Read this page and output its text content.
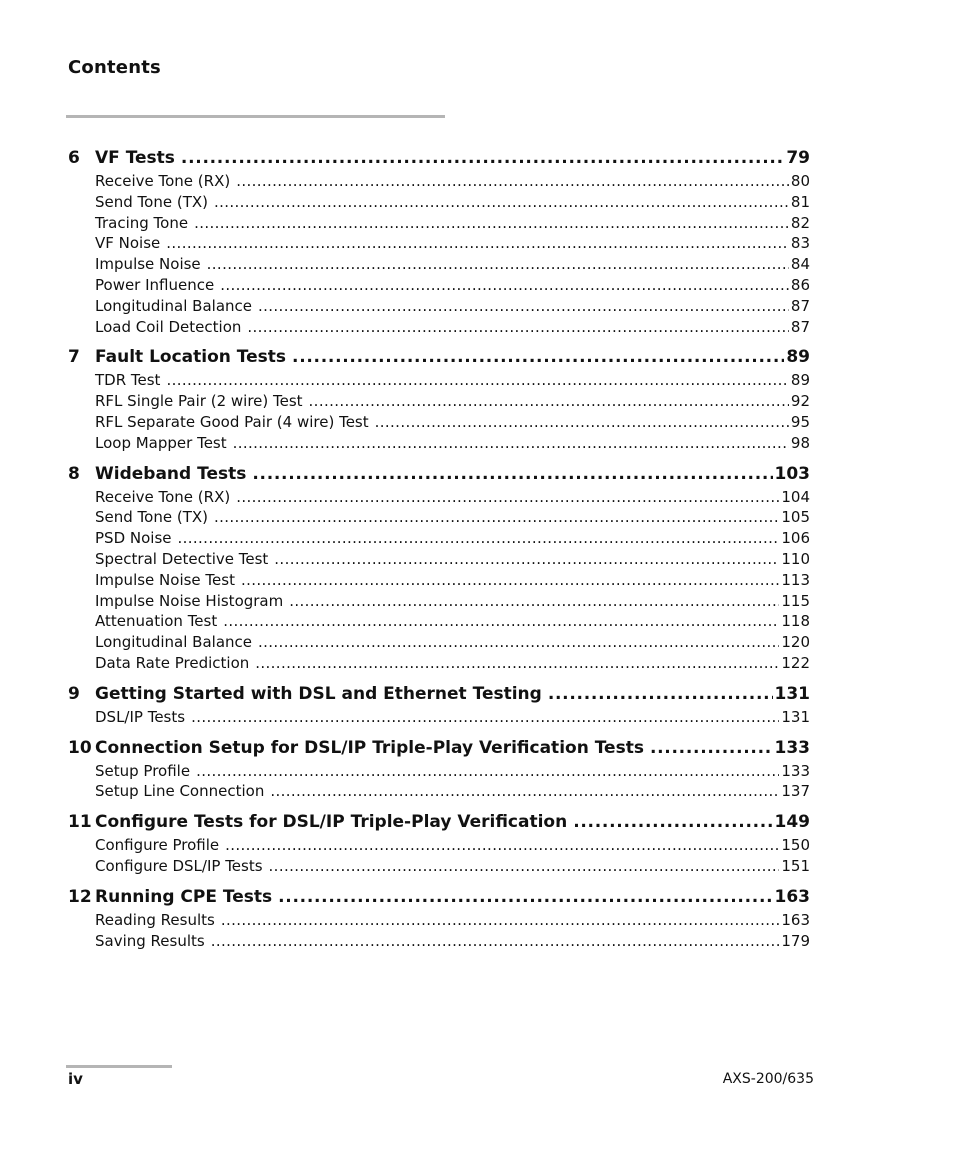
Contents
6 VF Tests . . .	79
Receive Tone (RX) . . .	80
Send Tone (TX) . . .	81
Tracing Tone . . .	82
VF Noise . . .	83
Impulse Noise . . .	84
Power Influence . . .	86
Longitudinal Balance . . .	87
Load Coil Detection . . .	87
7 Fault Location Tests . . .	89
TDR Test . . .	89
RFL Single Pair (2 wire) Test . . .	92
RFL Separate Good Pair (4 wire) Test . . .	95
Loop Mapper Test . . .	98
8 Wideband Tests . . .	103
Receive Tone (RX) . . .	104
Send Tone (TX) . . .	105
PSD Noise . . .	106
Spectral Detective Test . . .	110
Impulse Noise Test . . .	113
Impulse Noise Histogram . . .	115
Attenuation Test . . .	118
Longitudinal Balance . . .	120
Data Rate Prediction . . .	122
9 Getting Started with DSL and Ethernet Testing . . .	131
DSL/IP Tests . . .	131
10 Connection Setup for DSL/IP Triple-Play Verification Tests . . .	133
Setup Profile . . .	133
Setup Line Connection . . .	137
11 Configure Tests for DSL/IP Triple-Play Verification . . .	149
Configure Profile . . .	150
Configure DSL/IP Tests . . .	151
12 Running CPE Tests . . .	163
Reading Results . . .	163
Saving Results . . .	179
iv	AXS-200/635
